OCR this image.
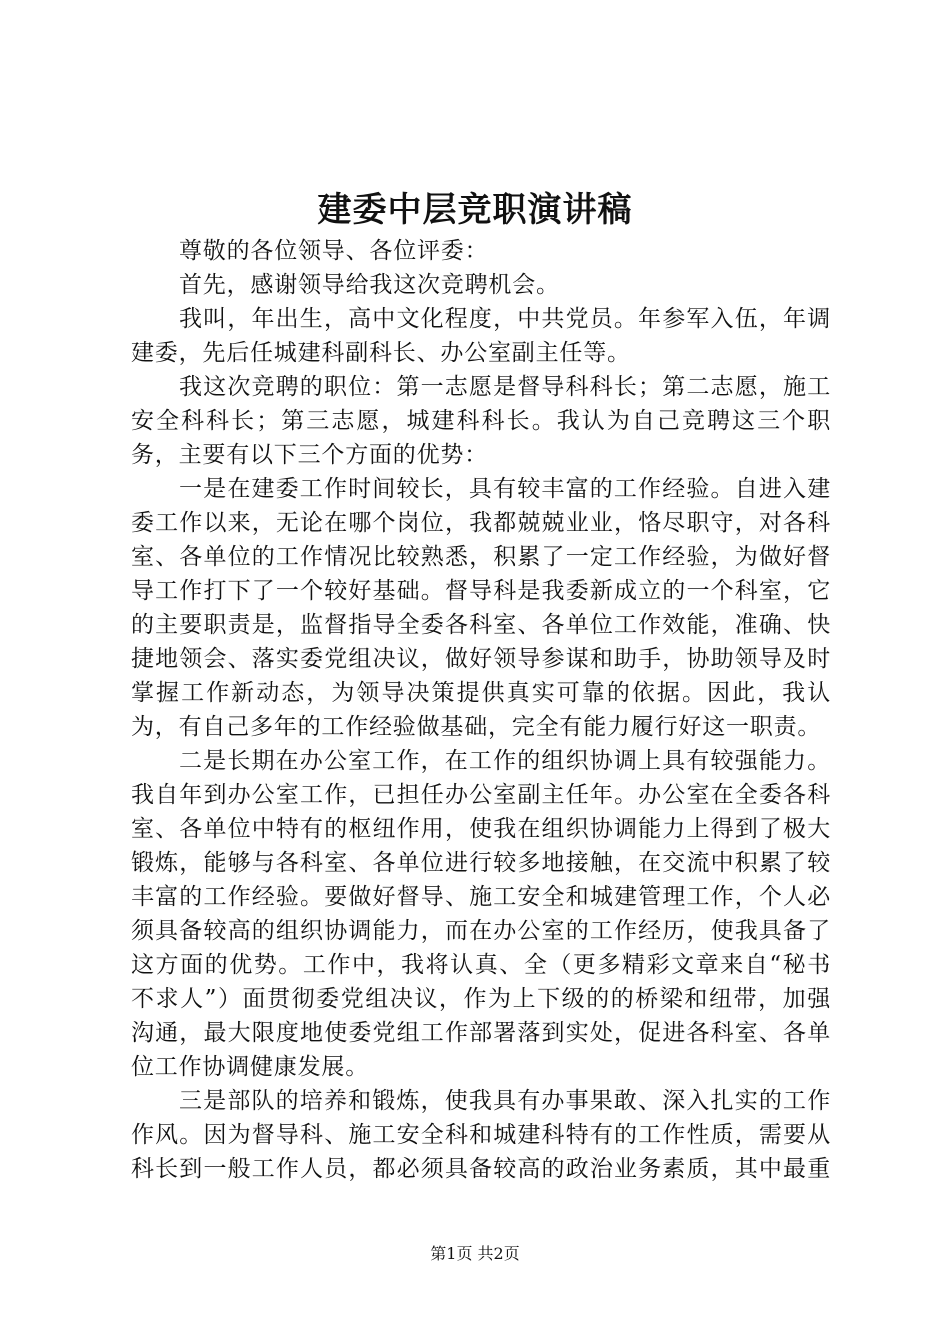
建委中层竞职演讲稿

尊敬的各位领导、各位评委：

首先，感谢领导给我这次竞聘机会。

我叫，年出生，高中文化程度，中共党员。年参军入伍，年调建委，先后任城建科副科长、办公室副主任等。

我这次竞聘的职位：第一志愿是督导科科长；第二志愿，施工安全科科长；第三志愿，城建科科长。我认为自己竞聘这三个职务，主要有以下三个方面的优势：

一是在建委工作时间较长，具有较丰富的工作经验。自进入建委工作以来，无论在哪个岗位，我都兢兢业业，恪尽职守，对各科室、各单位的工作情况比较熟悉，积累了一定工作经验，为做好督导工作打下了一个较好基础。督导科是我委新成立的一个科室，它的主要职责是，监督指导全委各科室、各单位工作效能，准确、快捷地领会、落实委党组决议，做好领导参谋和助手，协助领导及时掌握工作新动态，为领导决策提供真实可靠的依据。因此，我认为，有自己多年的工作经验做基础，完全有能力履行好这一职责。

二是长期在办公室工作，在工作的组织协调上具有较强能力。我自年到办公室工作，已担任办公室副主任年。办公室在全委各科室、各单位中特有的枢纽作用，使我在组织协调能力上得到了极大锻炼，能够与各科室、各单位进行较多地接触，在交流中积累了较丰富的工作经验。要做好督导、施工安全和城建管理工作，个人必须具备较高的组织协调能力，而在办公室的工作经历，使我具备了这方面的优势。工作中，我将认真、全（更多精彩文章来自“秘书不求人”）面贯彻委党组决议，作为上下级的的桥梁和纽带，加强沟通，最大限度地使委党组工作部署落到实处，促进各科室、各单位工作协调健康发展。

三是部队的培养和锻炼，使我具有办事果敢、深入扎实的工作作风。因为督导科、施工安全科和城建科特有的工作性质，需要从科长到一般工作人员，都必须具备较高的政治业务素质，其中最重

第1页 共2页
